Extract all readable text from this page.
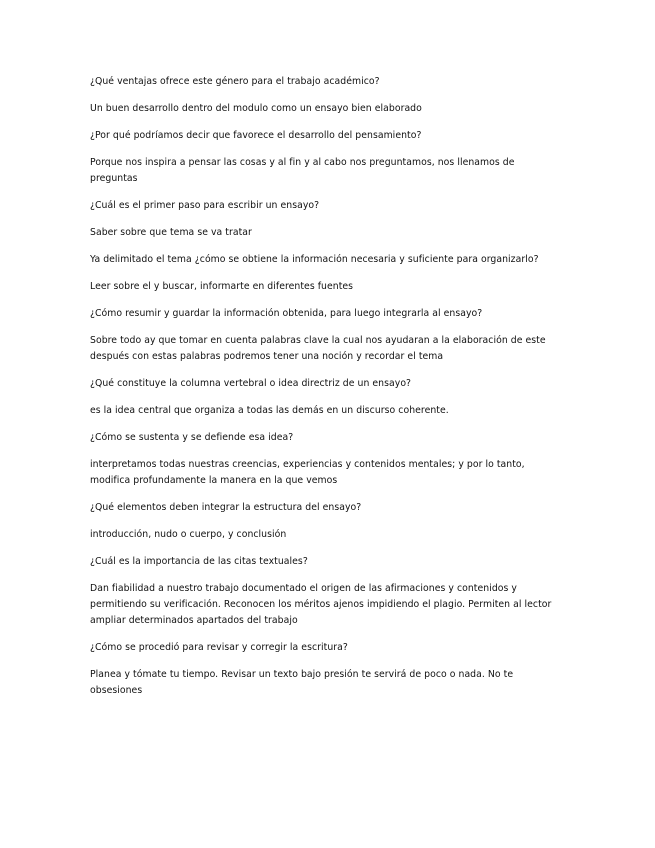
¿Qué ventajas ofrece este género para el trabajo académico?

Un buen desarrollo dentro del modulo como un ensayo bien elaborado

¿Por qué podríamos decir que favorece el desarrollo del pensamiento?

Porque nos inspira a pensar las cosas y al fin y al cabo nos preguntamos, nos llenamos de preguntas

¿Cuál es el primer paso para escribir un ensayo?

Saber sobre que tema se va tratar

Ya delimitado el tema ¿cómo se obtiene la información necesaria y suficiente para organizarlo?

Leer sobre el y buscar, informarte en diferentes fuentes

¿Cómo resumir y guardar la información obtenida, para luego integrarla al ensayo?

Sobre todo ay que tomar en cuenta palabras clave la cual nos ayudaran a la elaboración de este después con estas palabras podremos tener una noción y recordar el tema

¿Qué constituye la columna vertebral o idea directriz de un ensayo?

es la idea central que organiza a todas las demás en un discurso coherente.

¿Cómo se sustenta y se defiende esa idea?

interpretamos todas nuestras creencias, experiencias y contenidos mentales; y por lo tanto, modifica profundamente la manera en la que vemos

¿Qué elementos deben integrar la estructura del ensayo?

introducción, nudo o cuerpo, y conclusión

¿Cuál es la importancia de las citas textuales?

Dan fiabilidad a nuestro trabajo documentado el origen de las afirmaciones y contenidos y permitiendo su verificación. Reconocen los méritos ajenos impidiendo el plagio. Permiten al lector ampliar determinados apartados del trabajo

¿Cómo se procedió para revisar y corregir la escritura?

Planea y tómate tu tiempo. Revisar un texto bajo presión te servirá de poco o nada. No te obsesiones
